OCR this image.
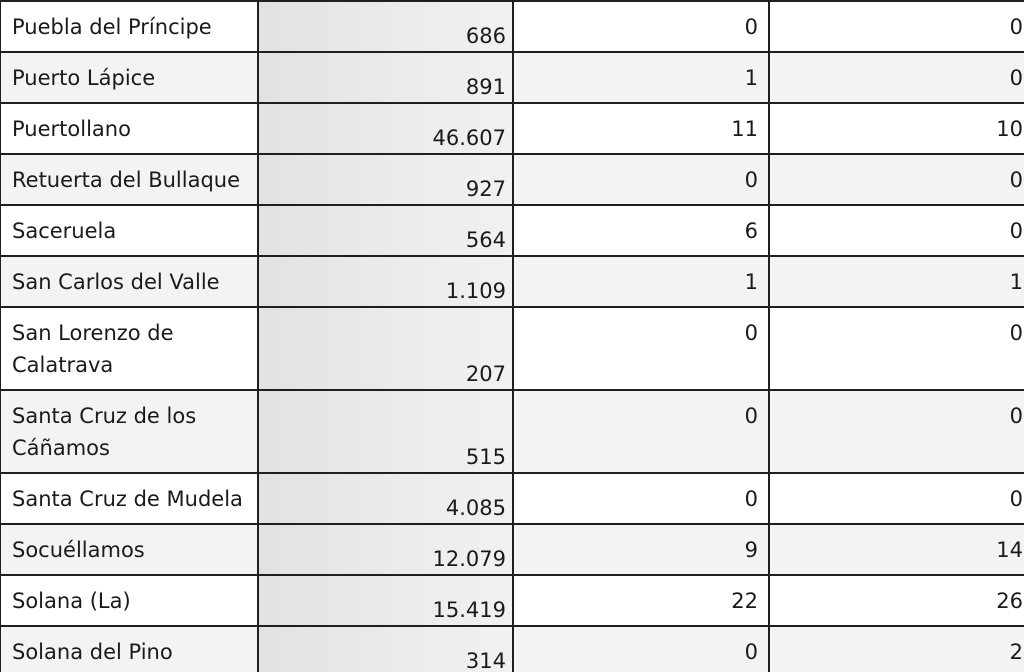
Puebla del Príncipe	686	0	0
Puerto Lápice	891	1	0
Puertollano	46.607	11	10
Retuerta del Bullaque	927	0	0
Saceruela	564	6	0
San Carlos del Valle	1.109	1	1
San Lorenzo de Calatrava	207	0	0
Santa Cruz de los Cáñamos	515	0	0
Santa Cruz de Mudela	4.085	0	0
Socuéllamos	12.079	9	14
Solana (La)	15.419	22	26
Solana del Pino	314	0	2
